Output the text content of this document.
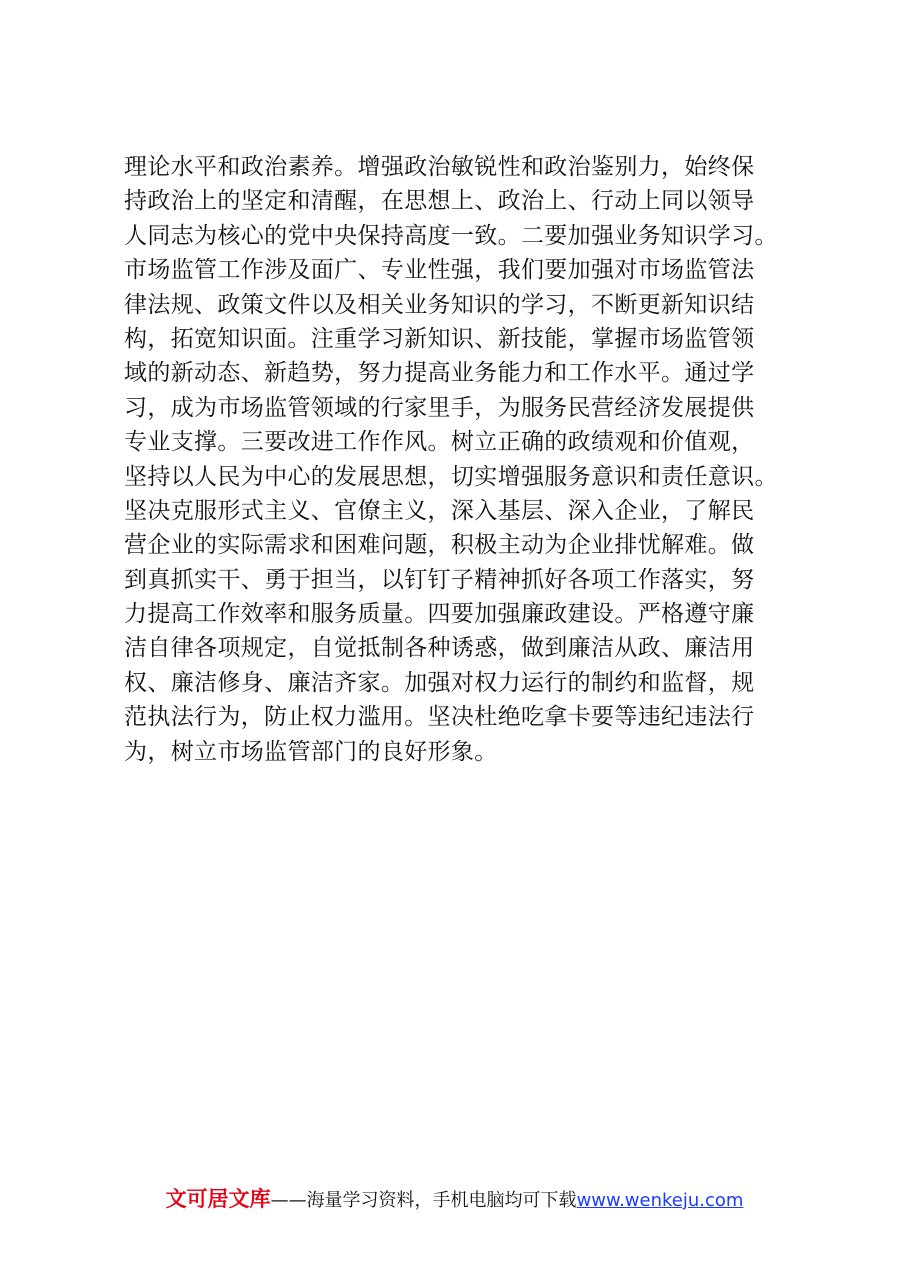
理论水平和政治素养。增强政治敏锐性和政治鉴别力，始终保
持政治上的坚定和清醒，在思想上、政治上、行动上同以领导
人同志为核心的党中央保持高度一致。二要加强业务知识学习。
市场监管工作涉及面广、专业性强，我们要加强对市场监管法
律法规、政策文件以及相关业务知识的学习，不断更新知识结
构，拓宽知识面。注重学习新知识、新技能，掌握市场监管领
域的新动态、新趋势，努力提高业务能力和工作水平。通过学
习，成为市场监管领域的行家里手，为服务民营经济发展提供
专业支撑。三要改进工作作风。树立正确的政绩观和价值观，
坚持以人民为中心的发展思想，切实增强服务意识和责任意识。
坚决克服形式主义、官僚主义，深入基层、深入企业，了解民
营企业的实际需求和困难问题，积极主动为企业排忧解难。做
到真抓实干、勇于担当，以钉钉子精神抓好各项工作落实，努
力提高工作效率和服务质量。四要加强廉政建设。严格遵守廉
洁自律各项规定，自觉抵制各种诱惑，做到廉洁从政、廉洁用
权、廉洁修身、廉洁齐家。加强对权力运行的制约和监督，规
范执法行为，防止权力滥用。坚决杜绝吃拿卡要等违纪违法行
为，树立市场监管部门的良好形象。
文可居文库——海量学习资料，手机电脑均可下载www.wenkeju.com
